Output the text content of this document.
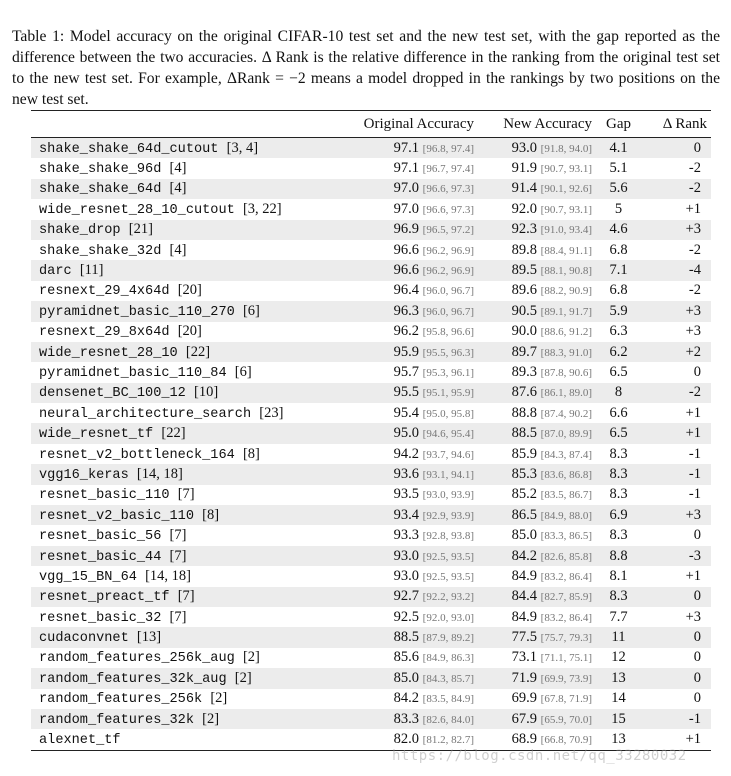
Table 1: Model accuracy on the original CIFAR-10 test set and the new test set, with the gap reported as the difference between the two accuracies. Δ Rank is the relative difference in the ranking from the original test set to the new test set. For example, ΔRank = −2 means a model dropped in the rankings by two positions on the new test set.

	Original Accuracy	New Accuracy	Gap	Δ Rank
shake_shake_64d_cutout [3, 4]	97.1 [96.8, 97.4]	93.0 [91.8, 94.0]	4.1	0
shake_shake_96d [4]	97.1 [96.7, 97.4]	91.9 [90.7, 93.1]	5.1	-2
shake_shake_64d [4]	97.0 [96.6, 97.3]	91.4 [90.1, 92.6]	5.6	-2
wide_resnet_28_10_cutout [3, 22]	97.0 [96.6, 97.3]	92.0 [90.7, 93.1]	5	+1
shake_drop [21]	96.9 [96.5, 97.2]	92.3 [91.0, 93.4]	4.6	+3
shake_shake_32d [4]	96.6 [96.2, 96.9]	89.8 [88.4, 91.1]	6.8	-2
darc [11]	96.6 [96.2, 96.9]	89.5 [88.1, 90.8]	7.1	-4
resnext_29_4x64d [20]	96.4 [96.0, 96.7]	89.6 [88.2, 90.9]	6.8	-2
pyramidnet_basic_110_270 [6]	96.3 [96.0, 96.7]	90.5 [89.1, 91.7]	5.9	+3
resnext_29_8x64d [20]	96.2 [95.8, 96.6]	90.0 [88.6, 91.2]	6.3	+3
wide_resnet_28_10 [22]	95.9 [95.5, 96.3]	89.7 [88.3, 91.0]	6.2	+2
pyramidnet_basic_110_84 [6]	95.7 [95.3, 96.1]	89.3 [87.8, 90.6]	6.5	0
densenet_BC_100_12 [10]	95.5 [95.1, 95.9]	87.6 [86.1, 89.0]	8	-2
neural_architecture_search [23]	95.4 [95.0, 95.8]	88.8 [87.4, 90.2]	6.6	+1
wide_resnet_tf [22]	95.0 [94.6, 95.4]	88.5 [87.0, 89.9]	6.5	+1
resnet_v2_bottleneck_164 [8]	94.2 [93.7, 94.6]	85.9 [84.3, 87.4]	8.3	-1
vgg16_keras [14, 18]	93.6 [93.1, 94.1]	85.3 [83.6, 86.8]	8.3	-1
resnet_basic_110 [7]	93.5 [93.0, 93.9]	85.2 [83.5, 86.7]	8.3	-1
resnet_v2_basic_110 [8]	93.4 [92.9, 93.9]	86.5 [84.9, 88.0]	6.9	+3
resnet_basic_56 [7]	93.3 [92.8, 93.8]	85.0 [83.3, 86.5]	8.3	0
resnet_basic_44 [7]	93.0 [92.5, 93.5]	84.2 [82.6, 85.8]	8.8	-3
vgg_15_BN_64 [14, 18]	93.0 [92.5, 93.5]	84.9 [83.2, 86.4]	8.1	+1
resnet_preact_tf [7]	92.7 [92.2, 93.2]	84.4 [82.7, 85.9]	8.3	0
resnet_basic_32 [7]	92.5 [92.0, 93.0]	84.9 [83.2, 86.4]	7.7	+3
cudaconvnet [13]	88.5 [87.9, 89.2]	77.5 [75.7, 79.3]	11	0
random_features_256k_aug [2]	85.6 [84.9, 86.3]	73.1 [71.1, 75.1]	12	0
random_features_32k_aug [2]	85.0 [84.3, 85.7]	71.9 [69.9, 73.9]	13	0
random_features_256k [2]	84.2 [83.5, 84.9]	69.9 [67.8, 71.9]	14	0
random_features_32k [2]	83.3 [82.6, 84.0]	67.9 [65.9, 70.0]	15	-1
alexnet_tf	82.0 [81.2, 82.7]	68.9 [66.8, 70.9]	13	+1
https://blog.csdn.net/qq_33280032
